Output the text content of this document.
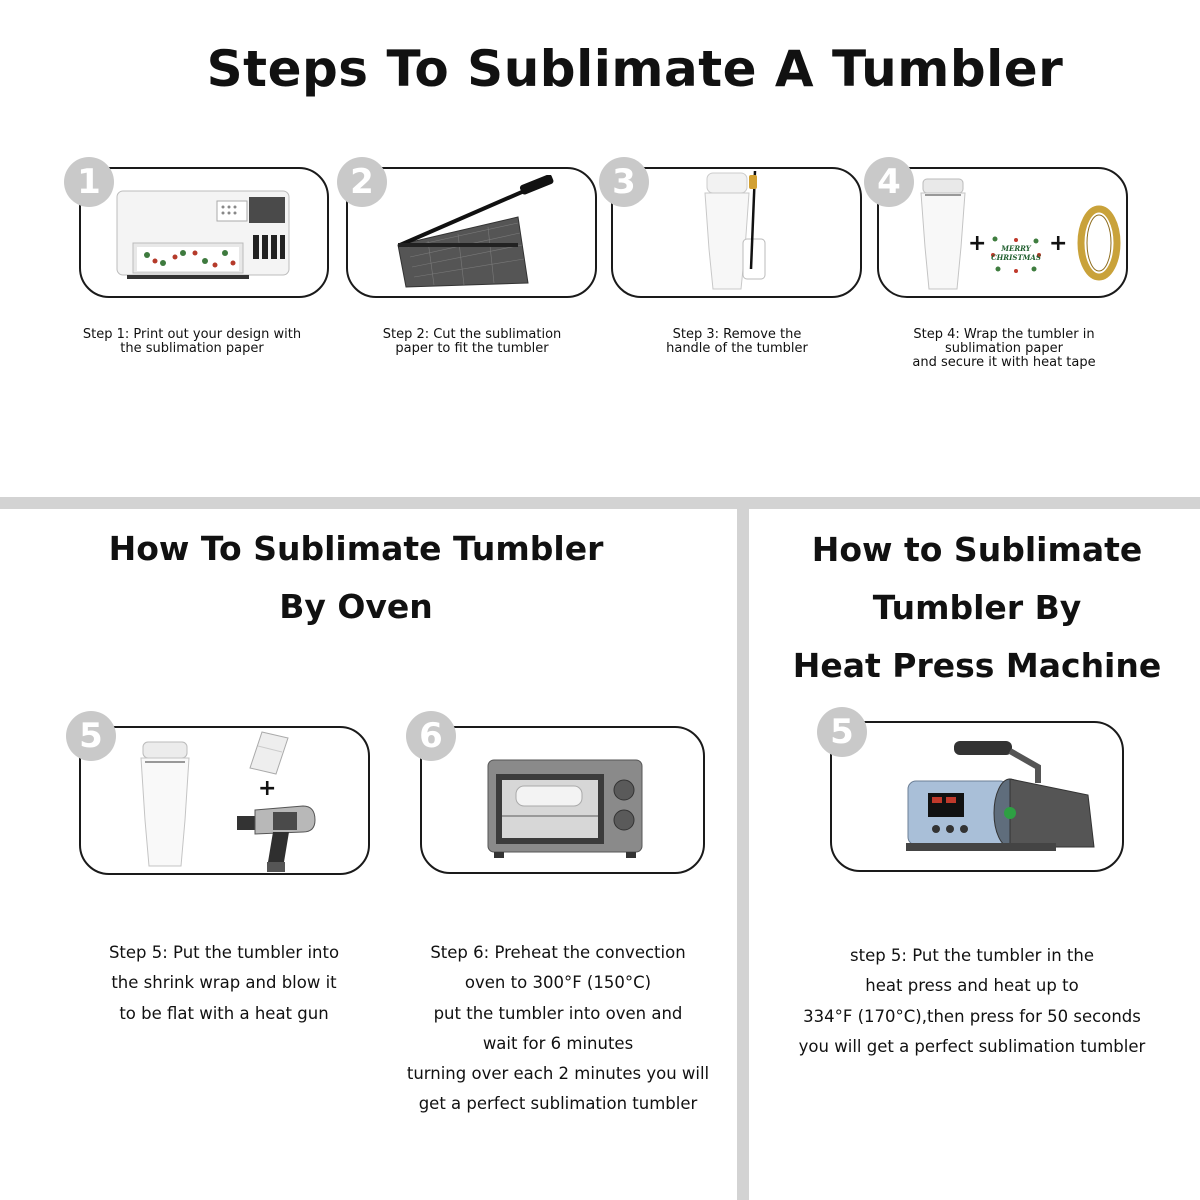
Steps To Sublimate A Tumbler
1
Step 1: Print out your design with
the sublimation paper
2
Step 2: Cut the sublimation
paper to fit the tumbler
3
Step 3: Remove the
handle of the tumbler
+	MERRY
CHRISTMAS
+
4
Step 4: Wrap the tumbler in
sublimation paper
and secure it with heat tape
How To Sublimate Tumbler
By Oven
+
5
Step 5: Put the tumbler into
the shrink wrap and blow it
to be flat with a heat gun
6
Step 6: Preheat the convection
oven to 300°F (150°C)
put the tumbler into oven and
wait for 6 minutes
turning over each 2 minutes you will
get a perfect sublimation tumbler
How to Sublimate
Tumbler By
Heat Press Machine
5
step 5: Put the tumbler in the
heat press and heat up to
334°F (170°C),then press for 50 seconds
you will get a perfect sublimation tumbler
